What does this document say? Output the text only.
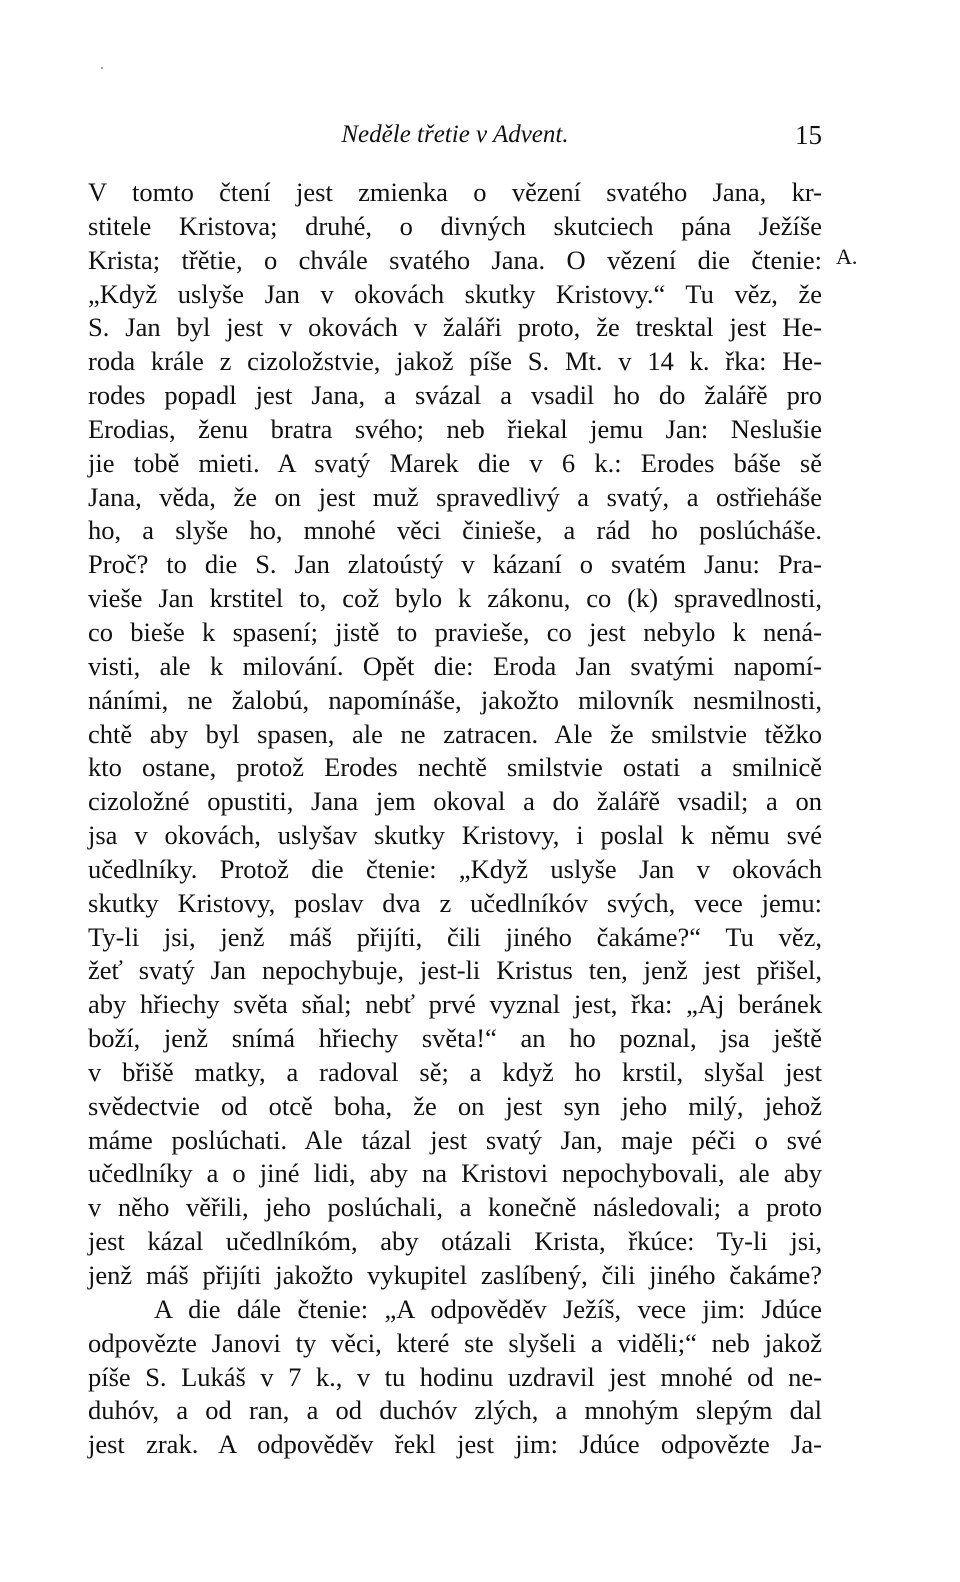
Neděle třetie v Advent.	15
A.
V tomto čtení jest zmienka o vězení svatého Jana, kr-
stitele Kristova; druhé, o divných skutciech pána Ježíše
Krista; třětie, o chvále svatého Jana. O vězení die čtenie:
„Když uslyše Jan v okovách skutky Kristovy.“ Tu věz, že
S. Jan byl jest v okovách v žaláři proto, že tresktal jest He-
roda krále z cizoložstvie, jakož píše S. Mt. v 14 k. řka: He-
rodes popadl jest Jana, a svázal a vsadil ho do žalářě pro
Erodias, ženu bratra svého; neb řiekal jemu Jan: Neslušie
jie tobě mieti. A svatý Marek die v 6 k.: Erodes báše sě
Jana, věda, že on jest muž spravedlivý a svatý, a ostřieháše
ho, a slyše ho, mnohé věci činieše, a rád ho poslúcháše.
Proč? to die S. Jan zlatoústý v kázaní o svatém Janu: Pra-
vieše Jan krstitel to, což bylo k zákonu, co (k) spravedlnosti,
co bieše k spasení; jistě to pravieše, co jest nebylo k nená-
visti, ale k milování. Opět die: Eroda Jan svatými napomí-
náními, ne žalobú, napomínáše, jakožto milovník nesmilnosti,
chtě aby byl spasen, ale ne zatracen. Ale že smilstvie těžko
kto ostane, protož Erodes nechtě smilstvie ostati a smilnicě
cizoložné opustiti, Jana jem okoval a do žalářě vsadil; a on
jsa v okovách, uslyšav skutky Kristovy, i poslal k němu své
učedlníky. Protož die čtenie: „Když uslyše Jan v okovách
skutky Kristovy, poslav dva z učedlníkóv svých, vece jemu:
Ty-li jsi, jenž máš přijíti, čili jiného čakáme?“ Tu věz,
žeť svatý Jan nepochybuje, jest-li Kristus ten, jenž jest přišel,
aby hřiechy světa sňal; nebť prvé vyznal jest, řka: „Aj beránek
boží, jenž snímá hřiechy světa!“ an ho poznal, jsa ještě
v břišě matky, a radoval sě; a když ho krstil, slyšal jest
svědectvie od otcě boha, že on jest syn jeho milý, jehož
máme poslúchati. Ale tázal jest svatý Jan, maje péči o své
učedlníky a o jiné lidi, aby na Kristovi nepochybovali, ale aby
v něho věřili, jeho poslúchali, a konečně následovali; a proto
jest kázal učedlníkóm, aby otázali Krista, řkúce: Ty-li jsi,
jenž máš přijíti jakožto vykupitel zaslíbený, čili jiného čakáme?
A die dále čtenie: „A odpověděv Ježíš, vece jim: Jdúce
odpovězte Janovi ty věci, které ste slyšeli a viděli;“ neb jakož
píše S. Lukáš v 7 k., v tu hodinu uzdravil jest mnohé od ne-
duhóv, a od ran, a od duchóv zlých, a mnohým slepým dal
jest zrak. A odpověděv řekl jest jim: Jdúce odpovězte Ja-
